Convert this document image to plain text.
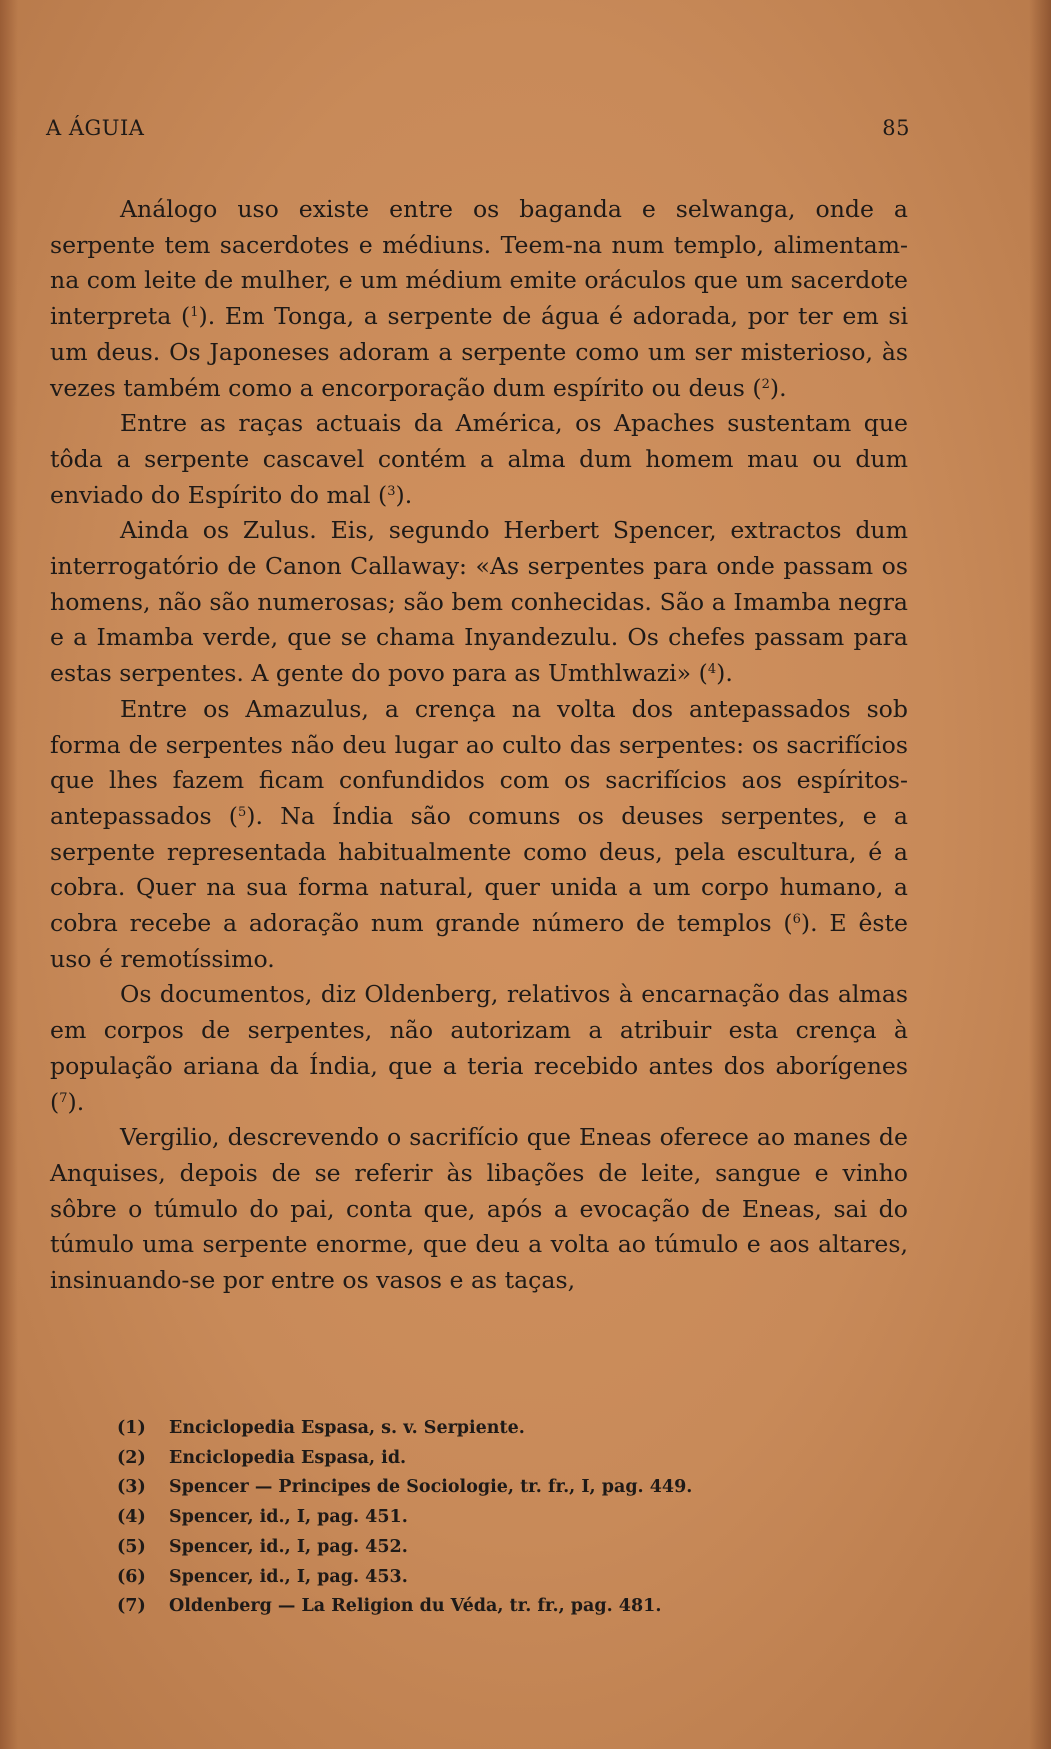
A ÁGUIA	85

Análogo uso existe entre os baganda e selwanga, onde a serpente tem sacerdotes e médiuns. Teem-na num templo, alimentam-na com leite de mulher, e um médium emite oráculos que um sacerdote interpreta ($^1$). Em Tonga, a serpente de água é adorada, por ter em si um deus. Os Japoneses adoram a serpente como um ser misterioso, às vezes também como a encorporação dum espírito ou deus ($^2$).

Entre as raças actuais da América, os Apaches sustentam que tôda a serpente cascavel contém a alma dum homem mau ou dum enviado do Espírito do mal ($^3$).

Ainda os Zulus. Eis, segundo Herbert Spencer, extractos dum interrogatório de Canon Callaway: «As serpentes para onde passam os homens, não são numerosas; são bem conhecidas. São a Imamba negra e a Imamba verde, que se chama Inyandezulu. Os chefes passam para estas serpentes. A gente do povo para as Umthlwazi» ($^4$).

Entre os Amazulus, a crença na volta dos antepassados sob forma de serpentes não deu lugar ao culto das serpentes: os sacrifícios que lhes fazem ficam confundidos com os sacrifícios aos espíritos-antepassados ($^5$). Na Índia são comuns os deuses serpentes, e a serpente representada habitualmente como deus, pela escultura, é a cobra. Quer na sua forma natural, quer unida a um corpo humano, a cobra recebe a adoração num grande número de templos ($^6$). E êste uso é remotíssimo.

Os documentos, diz Oldenberg, relativos à encarnação das almas em corpos de serpentes, não autorizam a atribuir esta crença à população ariana da Índia, que a teria recebido antes dos aborígenes ($^7$).

Vergilio, descrevendo o sacrifício que Eneas oferece ao manes de Anquises, depois de se referir às libações de leite, sangue e vinho sôbre o túmulo do pai, conta que, após a evocação de Eneas, sai do túmulo uma serpente enorme, que deu a volta ao túmulo e aos altares, insinuando-se por entre os vasos e as taças,

(1)	Enciclopedia Espasa, s. v. Serpiente.
(2)	Enciclopedia Espasa, id.
(3)	Spencer — Principes de Sociologie, tr. fr., I, pag. 449.
(4)	Spencer, id., I, pag. 451.
(5)	Spencer, id., I, pag. 452.
(6)	Spencer, id., I, pag. 453.
(7)	Oldenberg — La Religion du Véda, tr. fr., pag. 481.
